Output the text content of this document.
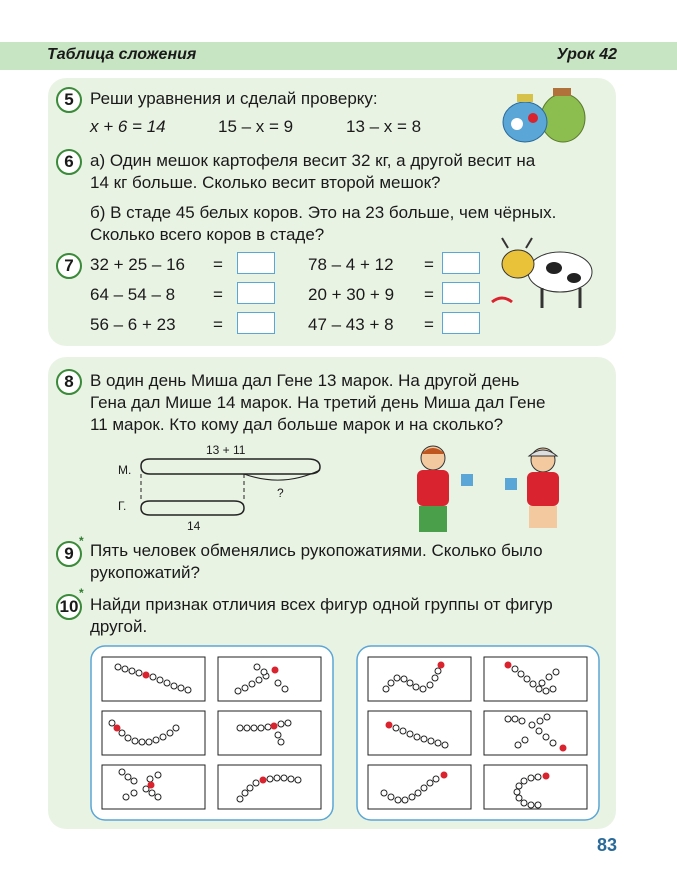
Таблица сложения	Урок 42
5 Реши уравнения и сделай проверку:
x + 6 = 14	15 – x = 9	13 – x = 8
6 а) Один мешок картофеля весит 32 кг, а другой весит на
14 кг больше. Сколько весит второй мешок?
б) В стаде 45 белых коров. Это на 23 больше, чем чёрных.
Сколько всего коров в стаде?
7 32 + 25 – 16 =	78 – 4 + 12 =
64 – 54 – 8 =	20 + 30 + 9 =
56 – 6 + 23 =	47 – 43 + 8 =
8 В один день Миша дал Гене 13 марок. На другой день
Гена дал Мише 14 марок. На третий день Миша дал Гене
11 марок. Кто кому дал больше марок и на сколько?
13 + 11
М.
Г.
?
14
9
* Пять человек обменялись рукопожатиями. Сколько было
рукопожатий?
10
*
Найди признак отличия всех фигур одной группы от фигур
другой.
83
